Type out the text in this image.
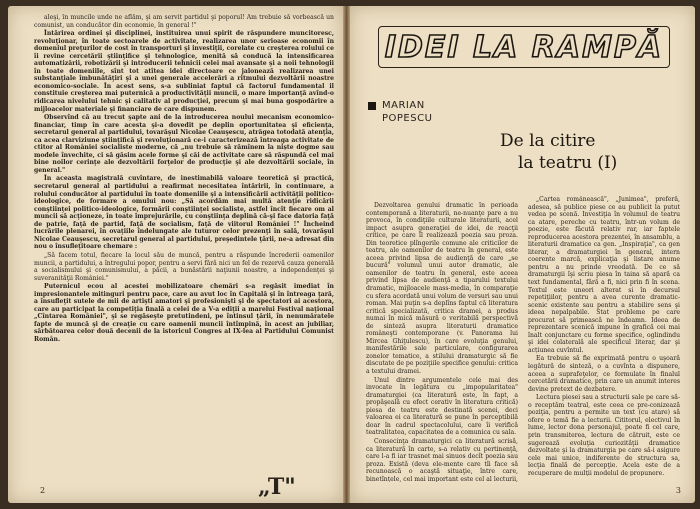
aleşi, în muncile unde ne aflăm, şi am servit partidul şi poporul! Am trebuie să vorbească un comunist, un conducător din economie, în general !"

Întărirea ordinei şi disciplinei, instituirea unui spirit de răspundere muncitoresc, revoluţionar, în toate sectoarele de activitate, realizarea unor serioase economii în domeniul preţurilor de cost în transporturi şi investiţii, corelate cu creşterea rolului ce îi revine cercetării ştiinţifice şi tehnologice, menită să conducă la intensificarea automatizării, robotizării şi introducerii tehnicii celei mai avansate şi a noii tehnologii în toate domeniile, sînt tot atîtea idei directoare ce jalonează realizarea unei substanţiale îmbunătăţiri şi a unei generale accelerări a ritmului dezvoltării noastre economico-sociale. În acest sens, s-a subliniat faptul că factorul fundamental il constituie creşterea mai puternică a productivităţii muncii, o mare importanţă avînd-o ridicarea nivelului tehnic şi calitativ al producţiei, precum şi mai buna gospodărire a mijloacelor materiale şi financiare de care dispunem.

Observînd că au trecut şapte ani de la introducerea noului mecanism economico-financiar, timp în care acesta şi-a dovedit pe deplin oportunitatea şi eficienţa, secretarul general al partidului, tovarăşul Nicolae Ceauşescu, atrăgea totodată atenţia, ca acea clarviziune ştiinţifică şi revoluţionară ce-i caracterizează întreaga activitate de ctitor al României socialiste moderne, că „nu trebuie să rămînem la niște dogme sau modele învechite, ci să găsim acele forme şi căi de activitate care să răspundă cel mai bine noilor cerinţe ale dezvoltării forţelor de producţie şi ale dezvoltării sociale, în general."

În aceasta magistrală cuvîntare, de inestimabilă valoare teoretică şi practică, secretarul general al partidului a reafirmat necesitatea întăririi, în continuare, a rolului conducător al partidului în toate domeniile şi a intensificării activităţii politico-ideologice, de formare a omului nou: „Să acordăm mai multă atenţie ridicării conştiinţei politico-ideologice, formării conştiinţei socialiste, astfel încît fiecare om al muncii să acţioneze, în toate împrejurările, cu conştiinţa deplină că-şi face datoria faţă de patrie, faţă de partid, faţă de socialism, faţă de viitorul României !" Încheind lucrările plenarei, în ovaţiile îndelungate ale tuturor celor prezenţi în sală, tovarăşul Nicolae Ceauşescu, secretarul general al partidului, preşedintele ţării, ne-a adresat din nou o însufleţitoare chemare :

„Să facem totul, fiecare la locul său de muncă, pentru a răspunde încrederii oamenilor muncii, a partidului, a întregului popor, pentru a servi fără nici un fel de rezervă cauza generală a socialismului şi comunismului, a păcii, a bunăstării naţiunii noastre, a independenţei şi suveranităţii României."

Puternicul ecou al acestei mobilizatoare chemări s-a regăsit imediat în impresionantele mitinguri pentru pace, care au avut loc în Capitală şi în întreaga ţară, a însufleţit sutele de mii de artişti amatori şi profesionişti şi de spectatori ai acestora, care au participat la competiţia finală a celei de a V-a ediţii a marelui Festival naţional „Cîntarea României", şi se regăseşte pretutindeni, pe întinsul ţării, în nenumăratele fapte de muncă şi de creaţie cu care oamenii muncii întîmpină, în acest an jubiliar, sărbătoarea celor două decenii de la istoricul Congres al IX-lea al Partidului Comunist Român.

„T"
2
IDEI LA RAMPĂ
MARIAN
POPESCU
De la citire
la teatru (I)

Dezvoltarea genului dramatic în perioada contemporană a literaturii, ne-nuanţe pare a nu provoca, în condiţiile culturale literaturii, acel impact asupra generaţiei de idei, de reacţii critice, pe care îl realizează poezia sau proza. Din teoretice plîngerile comune ale criticilor de teatru, ale oamenilor de teatru în general, este aceea privind lipsa de audienţă de care „se bucură" volumul unui autor dramatic, ale oamenilor de teatru în general, este aceea privind lipsa de audienţă a tiparului textului dramatic, mijloacele mass-media, în comparaţie cu sfera acordată unui volum de versuri sau unui roman. Mai puţin s-a deplîns faptul că literatura critică specializată, critica dramei, a produs numai în mică măsură o veritabilă perspectivă de sinteză asupra literaturii dramatice româneşti contemporane (v. Panorama lui Mircea Ghiţulescu), în care evoluţia genului, manifestările sale particulare, configurarea zonelor tematice, a stilului dramaturgic să fie discutate de pe poziţiile specifice genului: critica a textului dramei.

Unul dintre argumentele cele mai des invocate în legătura cu „impopularitatea" dramaturgiei (ca literatură este, în fapt, a propăşeală cu efect cerativ în literatura critică) piesa de teatru este destinată scenei, deci valoarea ei ca literatură se pune în perceptibilă doar în cadrul spectacolului, care îi verifică teatralitatea, capacitatea de a comunica cu sala.

Consecinţa dramaturgici ca literatură scrisă, ca literatură în carte, s-a relativ cu pertinenţă, care l-a fi iar trasnet mai sinuos decît poezia sau proza. Există (deva ele-mente care tîi face să recunoască o acaştă situaţie, între care, binetînţele, cel mai important este cel al lecturii,

„Cartea românească", „Junimea", preferă, adesea, să publice piese ce au publicit la putut vedea pe scenă. Investiţia în volumul de teatru ca atare, pereche cu teatru, într-un volum de poezie, este făcută relativ rar, iar faptele reproducerea acestora prezentei, în ansamblu, a literaturii dramatice ca gen. „Inspiraţia", ca gen literar, a dramaturgiei în general, intern coerente marcă, explicaţia şi listare anume pentru a nu prinde vreodată. De ce să dramaturgii îşi scriu piesa în taina să apară ca text fundamental, fără a fi, nici prin fi în scena. Textul este uneori alterat si în decursul repetiţiilor, pentru a avea curente dramatic-scenic existente sau pentru a stabilire sens şi ideea nepalpabile. Stat probleme pe care procurat să primească ne îndeamn. Ideea de reprezentare scenică impune în grafică cei mai înalt conjunctare cu forme specifice, oglindindu şi idei colaterală ale specificul literar, dar şi acțiunea cuvîntul.

Ea trebuie să fie exprimată pentru o uşoară legătură de sinteză, o a cuvînta a dispunere, aceea a suprafeţelor, ce formulate în finalul cercetării dramatice, prin care un anumit interes devine pretext de dezbatere.

Lectura piesei sau a structurii sale pe care să-o receptăm teatral, este ceea ce pre-conizează poziţia, pentru a permite un text (cu atare) să ofere o temă fie a lecturii. Cititorul, electivul în lume, lector dona personajul, poate fi cel care, prin transmiterea, lectura de cătruit, este ce sugerează evoluţia curiozităţii dramatice dezvoltate şi la dramaturgia pe care să-i asigure cele mai unice, indiferente de structura sa, lecţia finală de percepţie. Acela este de a recuperare de mulţii modelul de propunere.

3
